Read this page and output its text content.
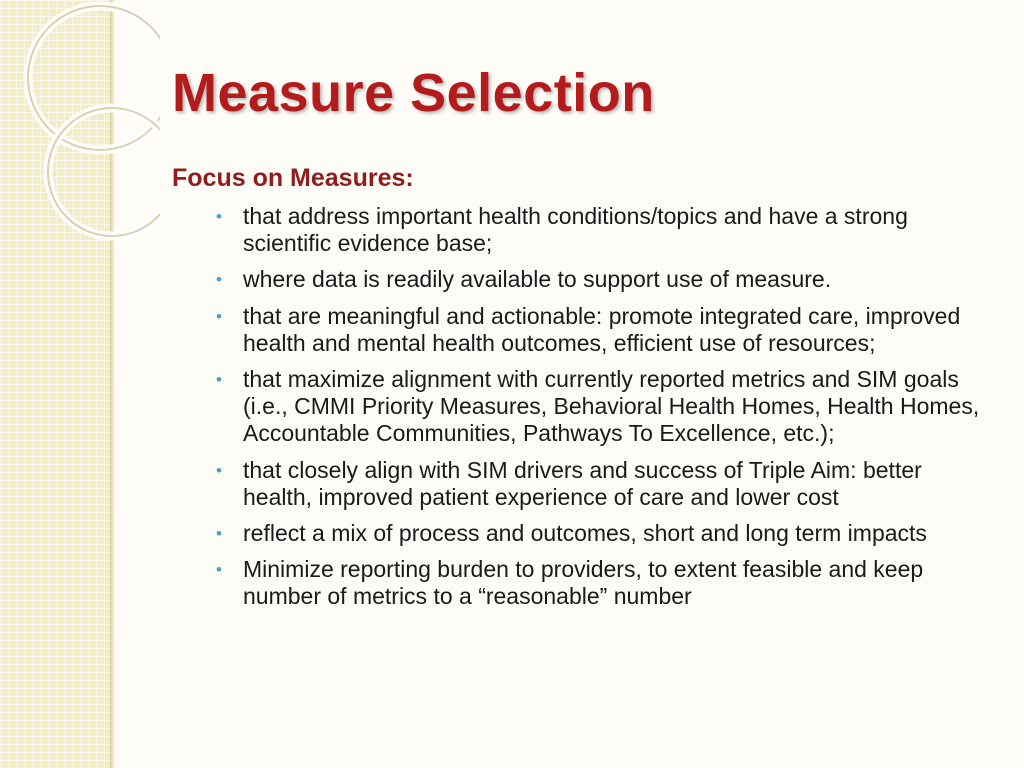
Measure Selection
Focus on Measures:
• that address important health conditions/topics and have a strong scientific evidence base;
• where data is readily available to support use of measure.
• that are meaningful and actionable: promote integrated care, improved health and mental health outcomes, efficient use of resources;
• that maximize alignment with currently reported metrics and SIM goals (i.e., CMMI Priority Measures, Behavioral Health Homes, Health Homes, Accountable Communities, Pathways To Excellence, etc.);
• that closely align with SIM drivers and success of Triple Aim: better health, improved patient experience of care and lower cost
• reflect a mix of process and outcomes, short and long term impacts
• Minimize reporting burden to providers, to extent feasible and keep number of metrics to a “reasonable” number
